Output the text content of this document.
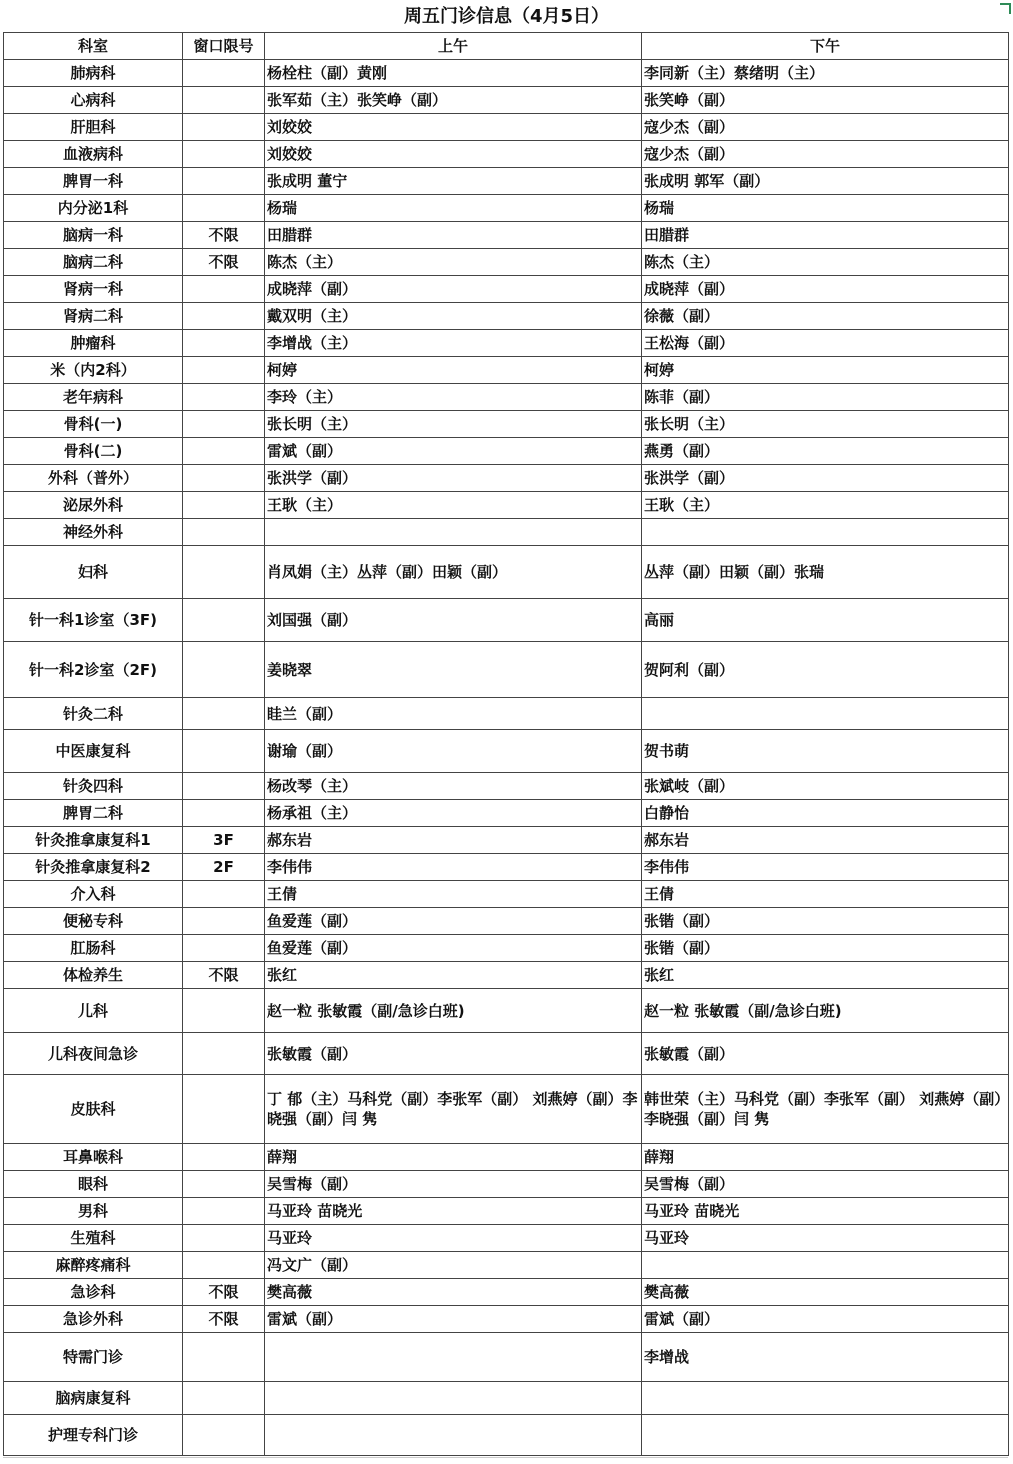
周五门诊信息（4月5日）
科室	窗口限号	上午	下午
肺病科		杨栓柱（副）黄刚	李同新（主）蔡绪明（主）
心病科		张军茹（主）张笑峥（副）	张笑峥（副）
肝胆科		刘姣姣	寇少杰（副）
血液病科		刘姣姣	寇少杰（副）
脾胃一科		张成明 董宁	张成明 郭军（副）
内分泌1科		杨瑞	杨瑞
脑病一科	不限	田腊群	田腊群
脑病二科	不限	陈杰（主）	陈杰（主）
肾病一科		成晓萍（副）	成晓萍（副）
肾病二科		戴双明（主）	徐薇（副）
肿瘤科		李增战（主）	王松海（副）
米（内2科）		柯婷	柯婷
老年病科		李玲（主）	陈菲（副）
骨科(一)		张长明（主）	张长明（主）
骨科(二)		雷斌（副）	燕勇（副）
外科（普外）		张洪学（副）	张洪学（副）
泌尿外科		王耿（主）	王耿（主）
神经外科			
妇科		肖凤娟（主）丛萍（副）田颖（副）	丛萍（副）田颖（副）张瑞
针一科1诊室（3F)		刘国强（副）	高丽
针一科2诊室（2F)		姜晓翠	贺阿利（副）
针灸二科		眭兰（副）	
中医康复科		谢瑜（副）	贺书萌
针灸四科		杨改琴（主）	张斌岐（副）
脾胃二科		杨承祖（主）	白静怡
针灸推拿康复科1	3F	郝东岩	郝东岩
针灸推拿康复科2	2F	李伟伟	李伟伟
介入科		王倩	王倩
便秘专科		鱼爱莲（副）	张锴（副）
肛肠科		鱼爱莲（副）	张锴（副）
体检养生	不限	张红	张红
儿科		赵一粒 张敏霞（副/急诊白班)	赵一粒 张敏霞（副/急诊白班)
儿科夜间急诊		张敏霞（副）	张敏霞（副）
皮肤科		丁 郁（主）马科党（副）李张军（副） 刘燕婷（副）李晓强（副）闫 隽	韩世荣（主）马科党（副）李张军（副） 刘燕婷（副）李晓强（副）闫 隽
耳鼻喉科		薛翔	薛翔
眼科		吴雪梅（副）	吴雪梅（副）
男科		马亚玲 苗晓光	马亚玲 苗晓光
生殖科		马亚玲	马亚玲
麻醉疼痛科		冯文广（副）	
急诊科	不限	樊高薇	樊高薇
急诊外科	不限	雷斌（副）	雷斌（副）
特需门诊			李增战
脑病康复科			
护理专科门诊			
